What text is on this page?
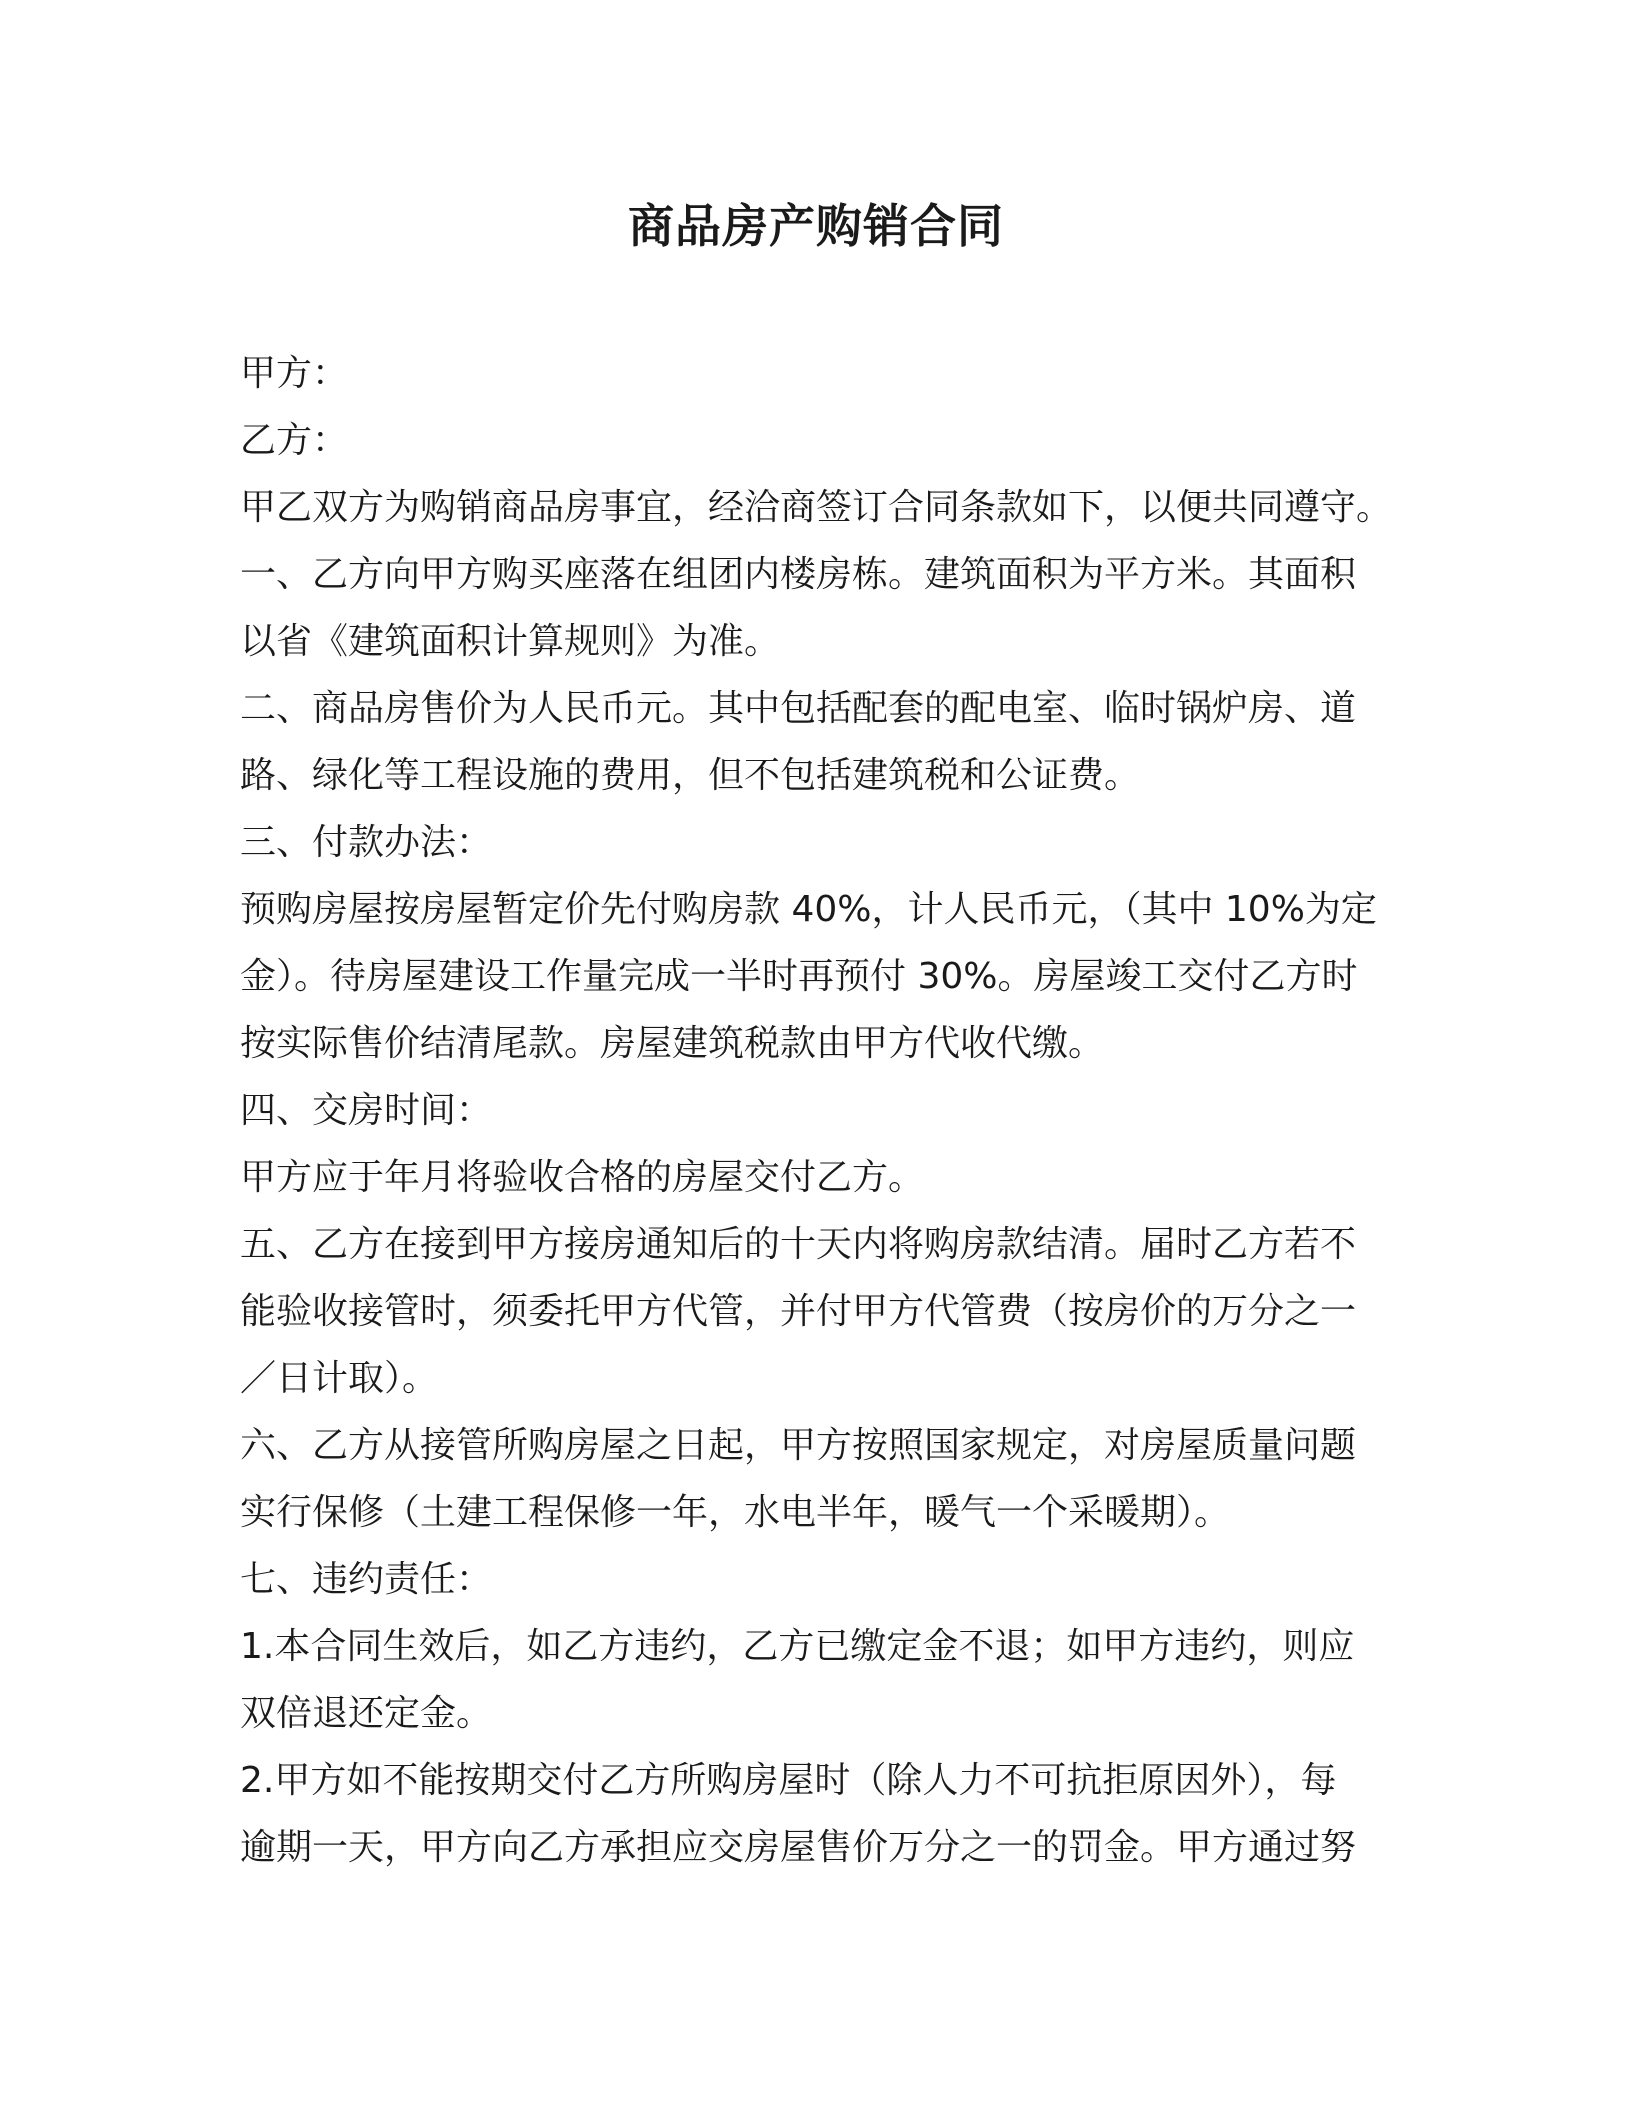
商品房产购销合同
甲方：
乙方：
甲乙双方为购销商品房事宜，经洽商签订合同条款如下，以便共同遵守。
一、乙方向甲方购买座落在组团内楼房栋。建筑面积为平方米。其面积
以省《建筑面积计算规则》为准。
二、商品房售价为人民币元。其中包括配套的配电室、临时锅炉房、道
路、绿化等工程设施的费用，但不包括建筑税和公证费。
三、付款办法：
预购房屋按房屋暂定价先付购房款 40%，计人民币元，（其中 10%为定
金）。待房屋建设工作量完成一半时再预付 30%。房屋竣工交付乙方时
按实际售价结清尾款。房屋建筑税款由甲方代收代缴。
四、交房时间：
甲方应于年月将验收合格的房屋交付乙方。
五、乙方在接到甲方接房通知后的十天内将购房款结清。届时乙方若不
能验收接管时，须委托甲方代管，并付甲方代管费（按房价的万分之一
／日计取）。
六、乙方从接管所购房屋之日起，甲方按照国家规定，对房屋质量问题
实行保修（土建工程保修一年，水电半年，暖气一个采暖期）。
七、违约责任：
1.本合同生效后，如乙方违约，乙方已缴定金不退；如甲方违约，则应
双倍退还定金。
2.甲方如不能按期交付乙方所购房屋时（除人力不可抗拒原因外），每
逾期一天，甲方向乙方承担应交房屋售价万分之一的罚金。甲方通过努
